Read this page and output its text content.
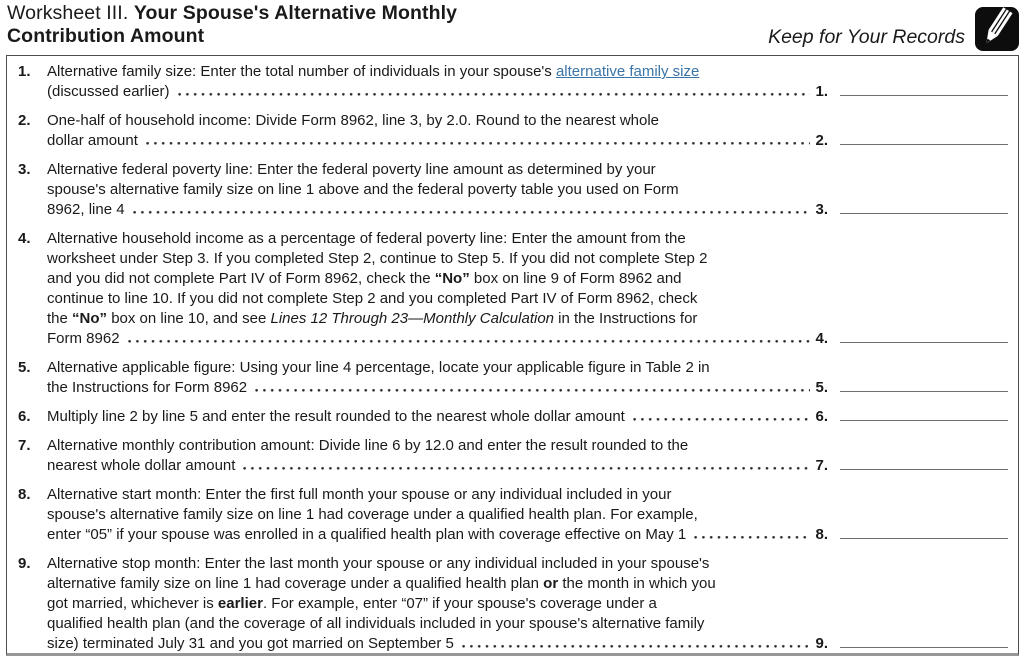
Worksheet III. Your Spouse's Alternative Monthly
Contribution Amount	Keep for Your Records
1.	Alternative family size: Enter the total number of individuals in your spouse's alternative family size
(discussed earlier)	1.
2.	One-half of household income: Divide Form 8962, line 3, by 2.0. Round to the nearest whole
dollar amount	2.
3.	Alternative federal poverty line: Enter the federal poverty line amount as determined by your
spouse's alternative family size on line 1 above and the federal poverty table you used on Form
8962, line 4	3.
4.	Alternative household income as a percentage of federal poverty line: Enter the amount from the
worksheet under Step 3. If you completed Step 2, continue to Step 5. If you did not complete Step 2
and you did not complete Part IV of Form 8962, check the “No” box on line 9 of Form 8962 and
continue to line 10. If you did not complete Step 2 and you completed Part IV of Form 8962, check
the “No” box on line 10, and see Lines 12 Through 23—Monthly Calculation in the Instructions for
Form 8962	4.
5.	Alternative applicable figure: Using your line 4 percentage, locate your applicable figure in Table 2 in
the Instructions for Form 8962	5.
6.	Multiply line 2 by line 5 and enter the result rounded to the nearest whole dollar amount	6.
7.	Alternative monthly contribution amount: Divide line 6 by 12.0 and enter the result rounded to the
nearest whole dollar amount	7.
8.	Alternative start month: Enter the first full month your spouse or any individual included in your
spouse's alternative family size on line 1 had coverage under a qualified health plan. For example,
enter “05” if your spouse was enrolled in a qualified health plan with coverage effective on May 1	8.
9.	Alternative stop month: Enter the last month your spouse or any individual included in your spouse's
alternative family size on line 1 had coverage under a qualified health plan or the month in which you
got married, whichever is earlier. For example, enter “07” if your spouse's coverage under a
qualified health plan (and the coverage of all individuals included in your spouse's alternative family
size) terminated July 31 and you got married on September 5	9.
